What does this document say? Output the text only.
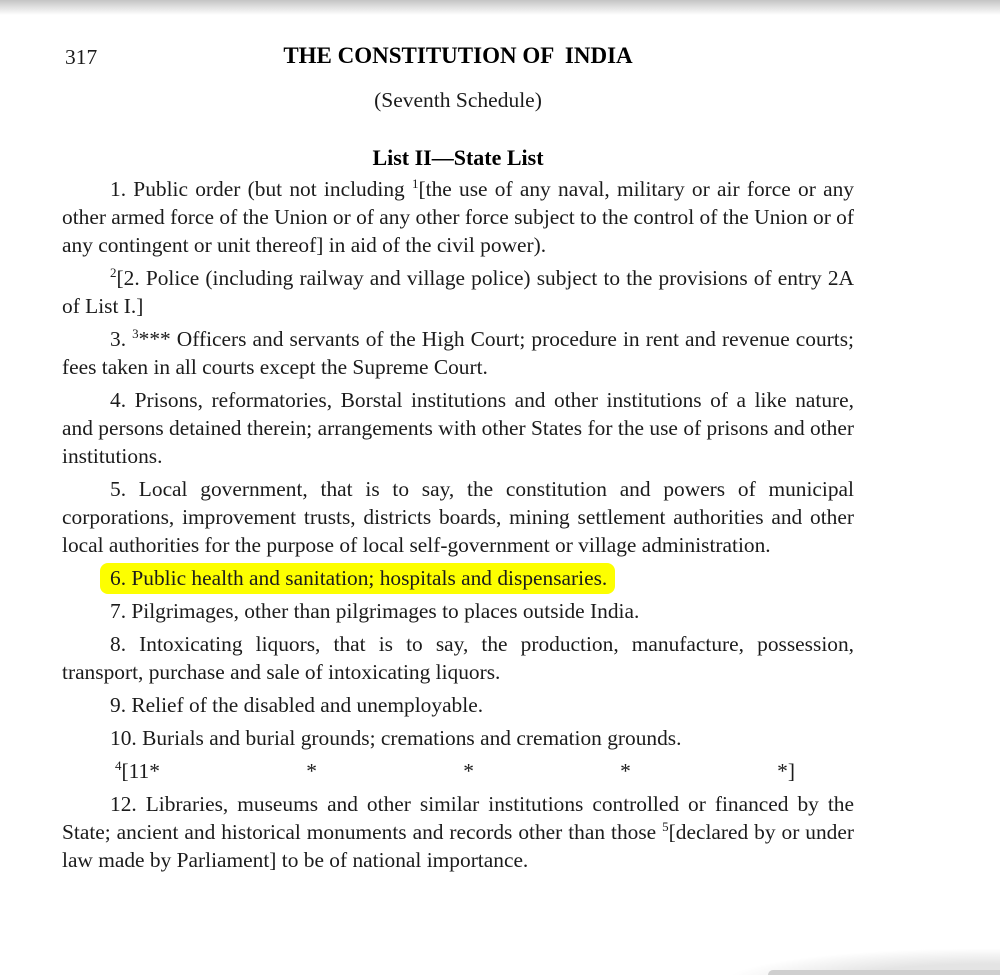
317	THE CONSTITUTION OF  INDIA
(Seventh Schedule)
List II—State List

1. Public order (but not including $^1$[the use of any naval, military or air force or any other armed force of the Union or of any other force subject to the control of the Union or of any contingent or unit thereof] in aid of the civil power).

$^2$[2. Police (including railway and village police) subject to the provisions of entry 2A of List I.]

3. $^3$*** Officers and servants of the High Court; procedure in rent and revenue courts; fees taken in all courts except the Supreme Court.

4. Prisons, reformatories, Borstal institutions and other institutions of a like nature, and persons detained therein; arrangements with other States for the use of prisons and other institutions.

5. Local government, that is to say, the constitution and powers of municipal corporations, improvement trusts, districts boards, mining settlement authorities and other local authorities for the purpose of local self-government or village administration.

6. Public health and sanitation; hospitals and dispensaries.

7. Pilgrimages, other than pilgrimages to places outside India.

8. Intoxicating liquors, that is to say, the production, manufacture, possession, transport, purchase and sale of intoxicating liquors.

9. Relief of the disabled and unemployable.

10. Burials and burial grounds; cremations and cremation grounds.

$^4$[11*	*	*	*	*]

12. Libraries, museums and other similar institutions controlled or financed by the State; ancient and historical monuments and records other than those $^5$[declared by or under law made by Parliament] to be of national importance.
